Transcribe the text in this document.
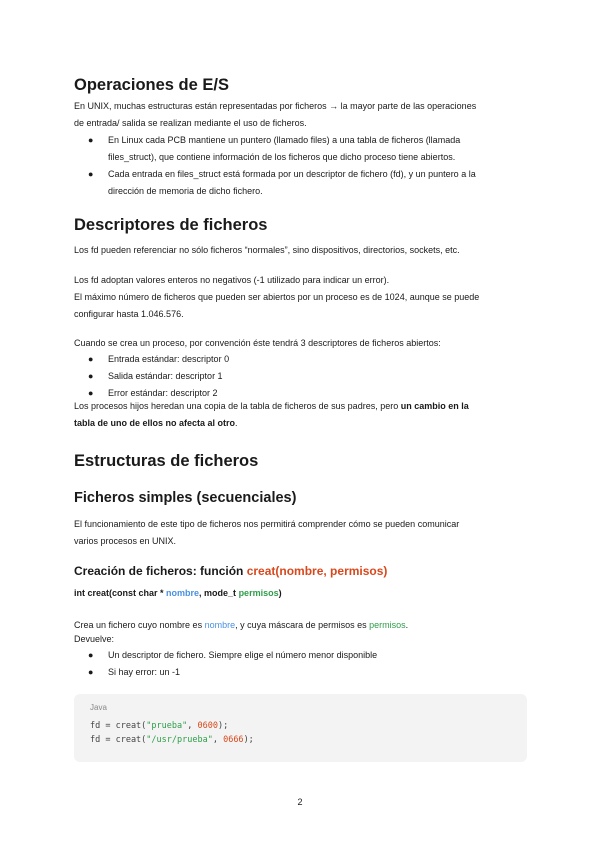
Operaciones de E/S
En UNIX, muchas estructuras están representadas por ficheros → la mayor parte de las operaciones
de entrada/ salida se realizan mediante el uso de ficheros.
● En Linux cada PCB mantiene un puntero (llamado files) a una tabla de ficheros (llamada
files_struct), que contiene información de los ficheros que dicho proceso tiene abiertos.
● Cada entrada en files_struct está formada por un descriptor de fichero (fd), y un puntero a la
dirección de memoria de dicho fichero.
Descriptores de ficheros
Los fd pueden referenciar no sólo ficheros “normales”, sino dispositivos, directorios, sockets, etc.
Los fd adoptan valores enteros no negativos (-1 utilizado para indicar un error).
El máximo número de ficheros que pueden ser abiertos por un proceso es de 1024, aunque se puede
configurar hasta 1.046.576.
Cuando se crea un proceso, por convención éste tendrá 3 descriptores de ficheros abiertos:
● Entrada estándar: descriptor 0
● Salida estándar: descriptor 1
● Error estándar: descriptor 2
Los procesos hijos heredan una copia de la tabla de ficheros de sus padres, pero un cambio en la
tabla de uno de ellos no afecta al otro.
Estructuras de ficheros
Ficheros simples (secuenciales)
El funcionamiento de este tipo de ficheros nos permitirá comprender cómo se pueden comunicar
varios procesos en UNIX.
Creación de ficheros: función creat(nombre, permisos)
int creat(const char * nombre, mode_t permisos)
Crea un fichero cuyo nombre es nombre, y cuya máscara de permisos es permisos.
Devuelve:
● Un descriptor de fichero. Siempre elige el número menor disponible
● Si hay error: un -1
Java
fd = creat("prueba", 0600);
fd = creat("/usr/prueba", 0666);
2
